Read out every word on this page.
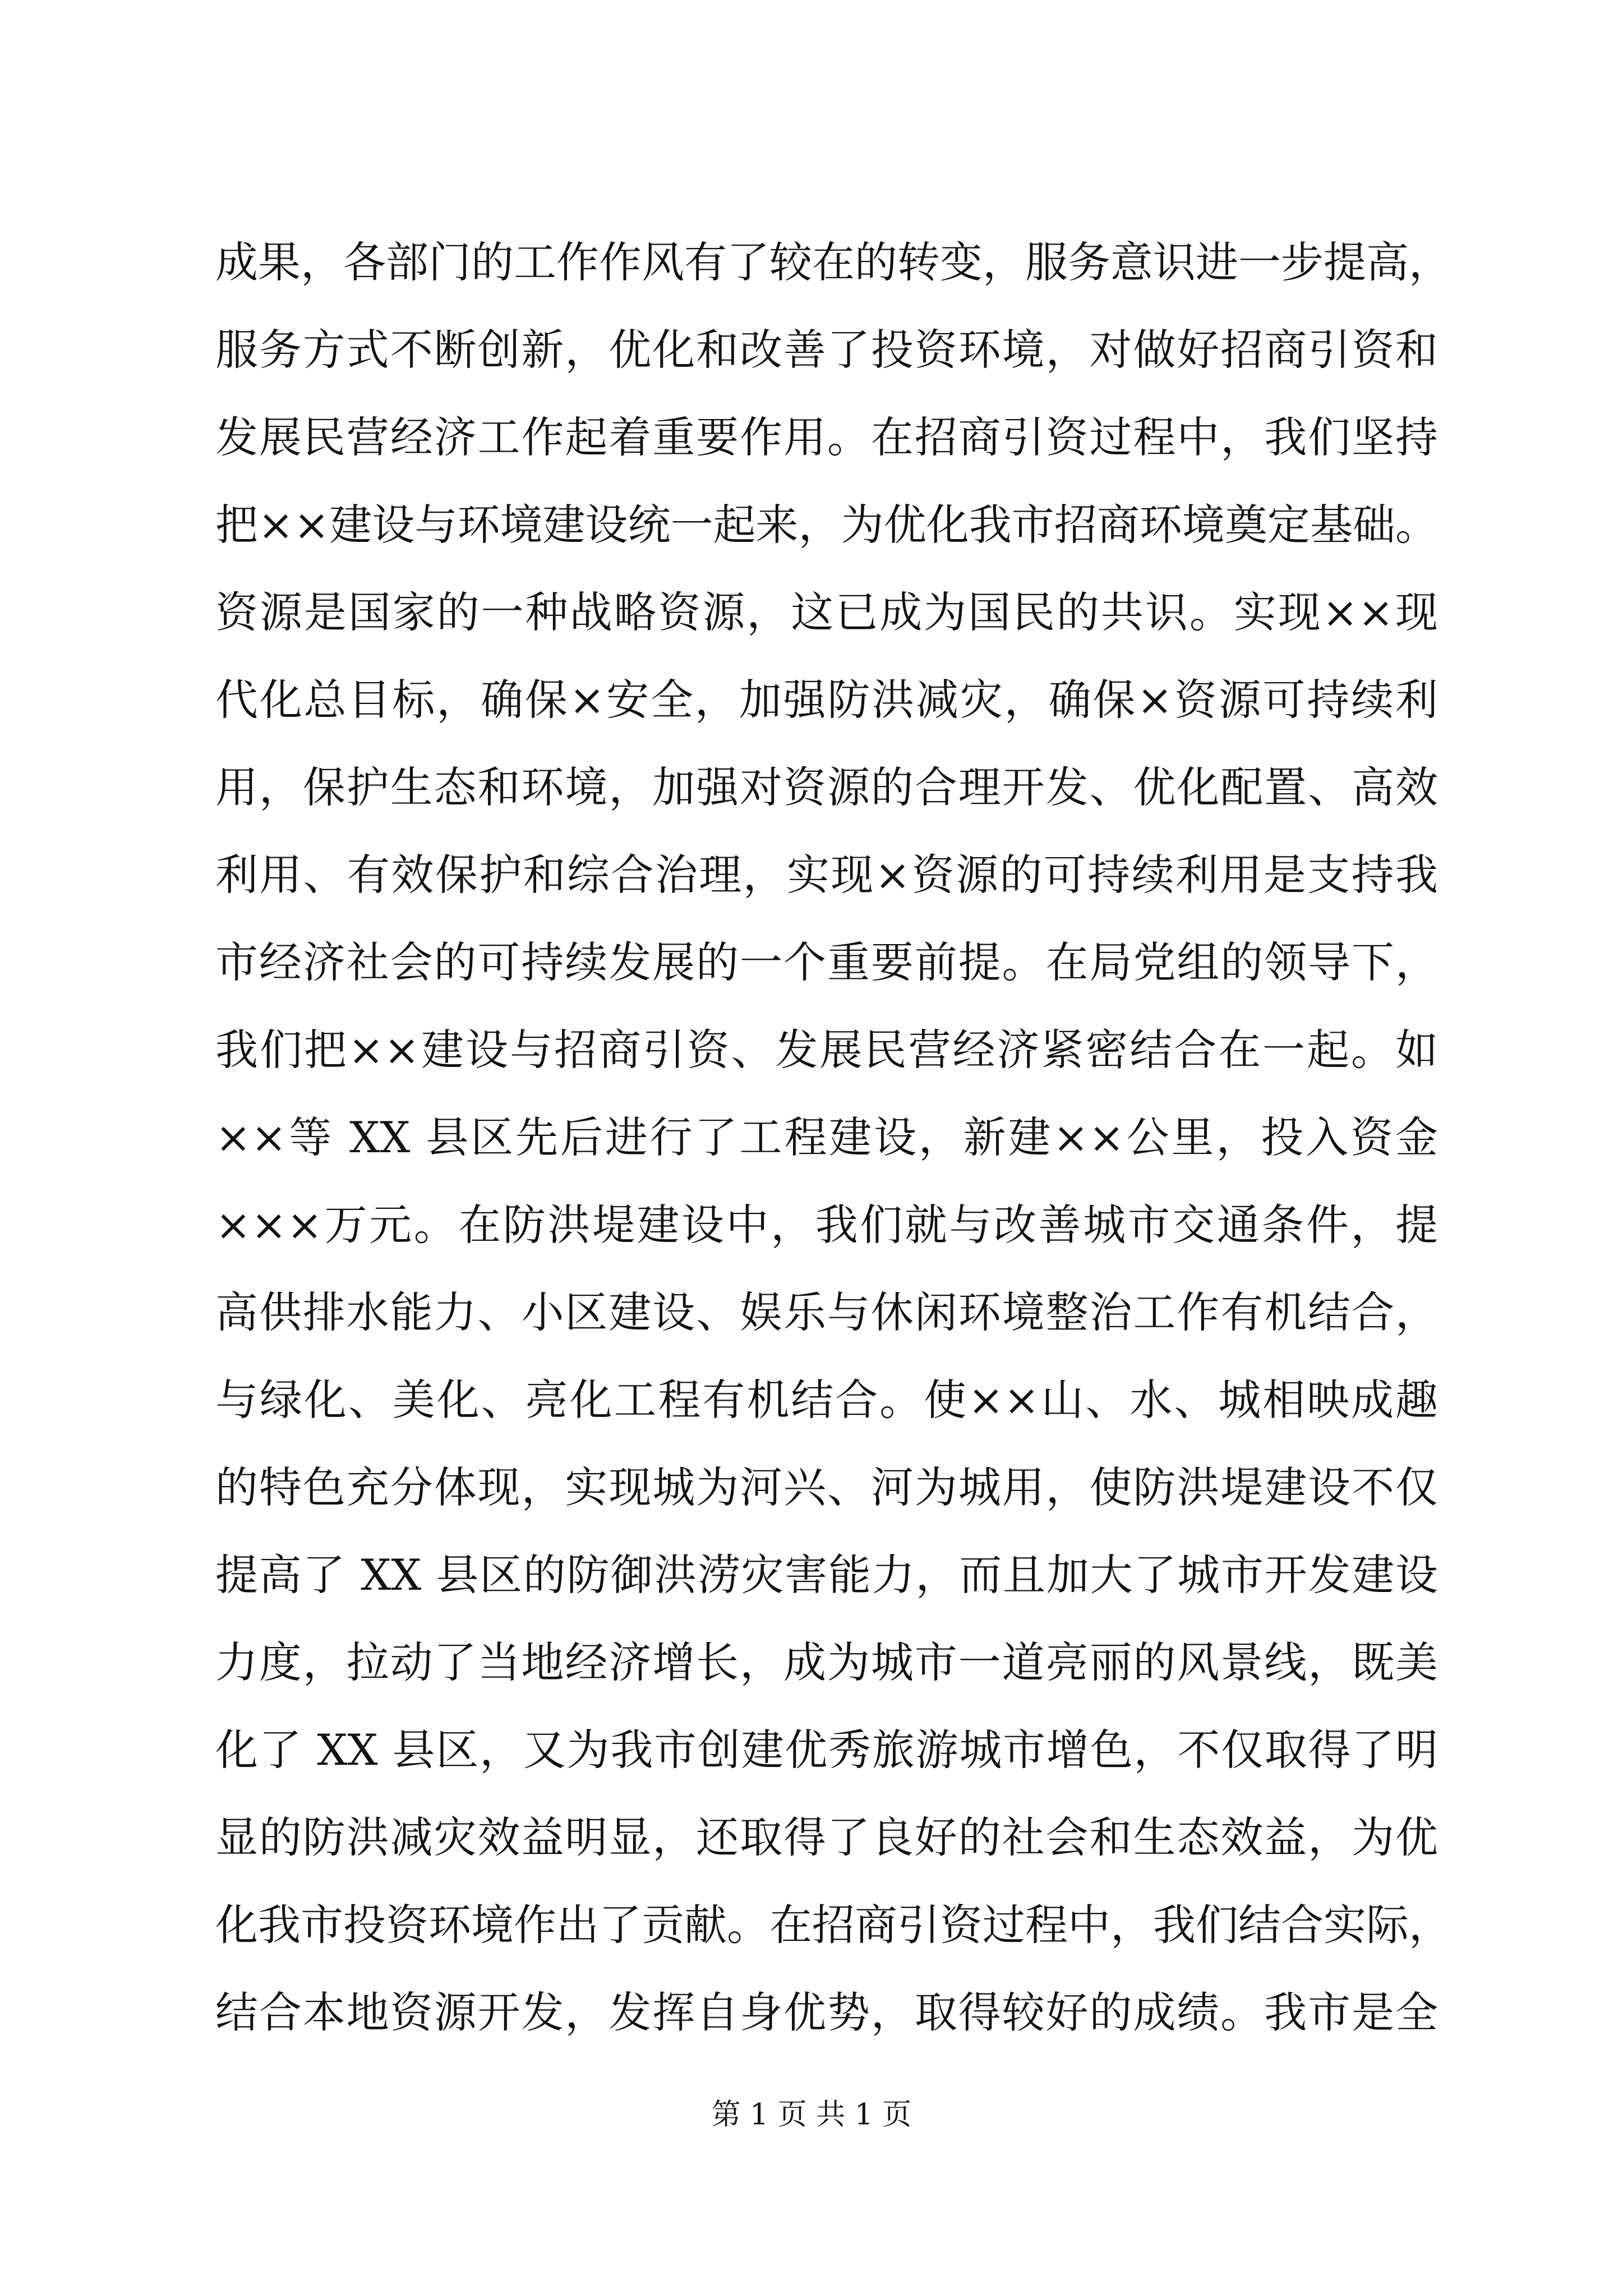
成果，各部门的工作作风有了较在的转变，服务意识进一步提高，
服务方式不断创新，优化和改善了投资环境，对做好招商引资和
发展民营经济工作起着重要作用。在招商引资过程中，我们坚持
把××建设与环境建设统一起来，为优化我市招商环境奠定基础。
资源是国家的一种战略资源，这已成为国民的共识。实现××现
代化总目标，确保×安全，加强防洪减灾，确保×资源可持续利
用，保护生态和环境，加强对资源的合理开发、优化配置、高效
利用、有效保护和综合治理，实现×资源的可持续利用是支持我
市经济社会的可持续发展的一个重要前提。在局党组的领导下，
我们把××建设与招商引资、发展民营经济紧密结合在一起。如
××等 XX 县区先后进行了工程建设，新建××公里，投入资金
×××万元。在防洪堤建设中，我们就与改善城市交通条件，提
高供排水能力、小区建设、娱乐与休闲环境整治工作有机结合，
与绿化、美化、亮化工程有机结合。使××山、水、城相映成趣
的特色充分体现，实现城为河兴、河为城用，使防洪堤建设不仅
提高了 XX 县区的防御洪涝灾害能力，而且加大了城市开发建设
力度，拉动了当地经济增长，成为城市一道亮丽的风景线，既美
化了 XX 县区，又为我市创建优秀旅游城市增色，不仅取得了明
显的防洪减灾效益明显，还取得了良好的社会和生态效益，为优
化我市投资环境作出了贡献。在招商引资过程中，我们结合实际，
结合本地资源开发，发挥自身优势，取得较好的成绩。我市是全
第 1 页 共 1 页
